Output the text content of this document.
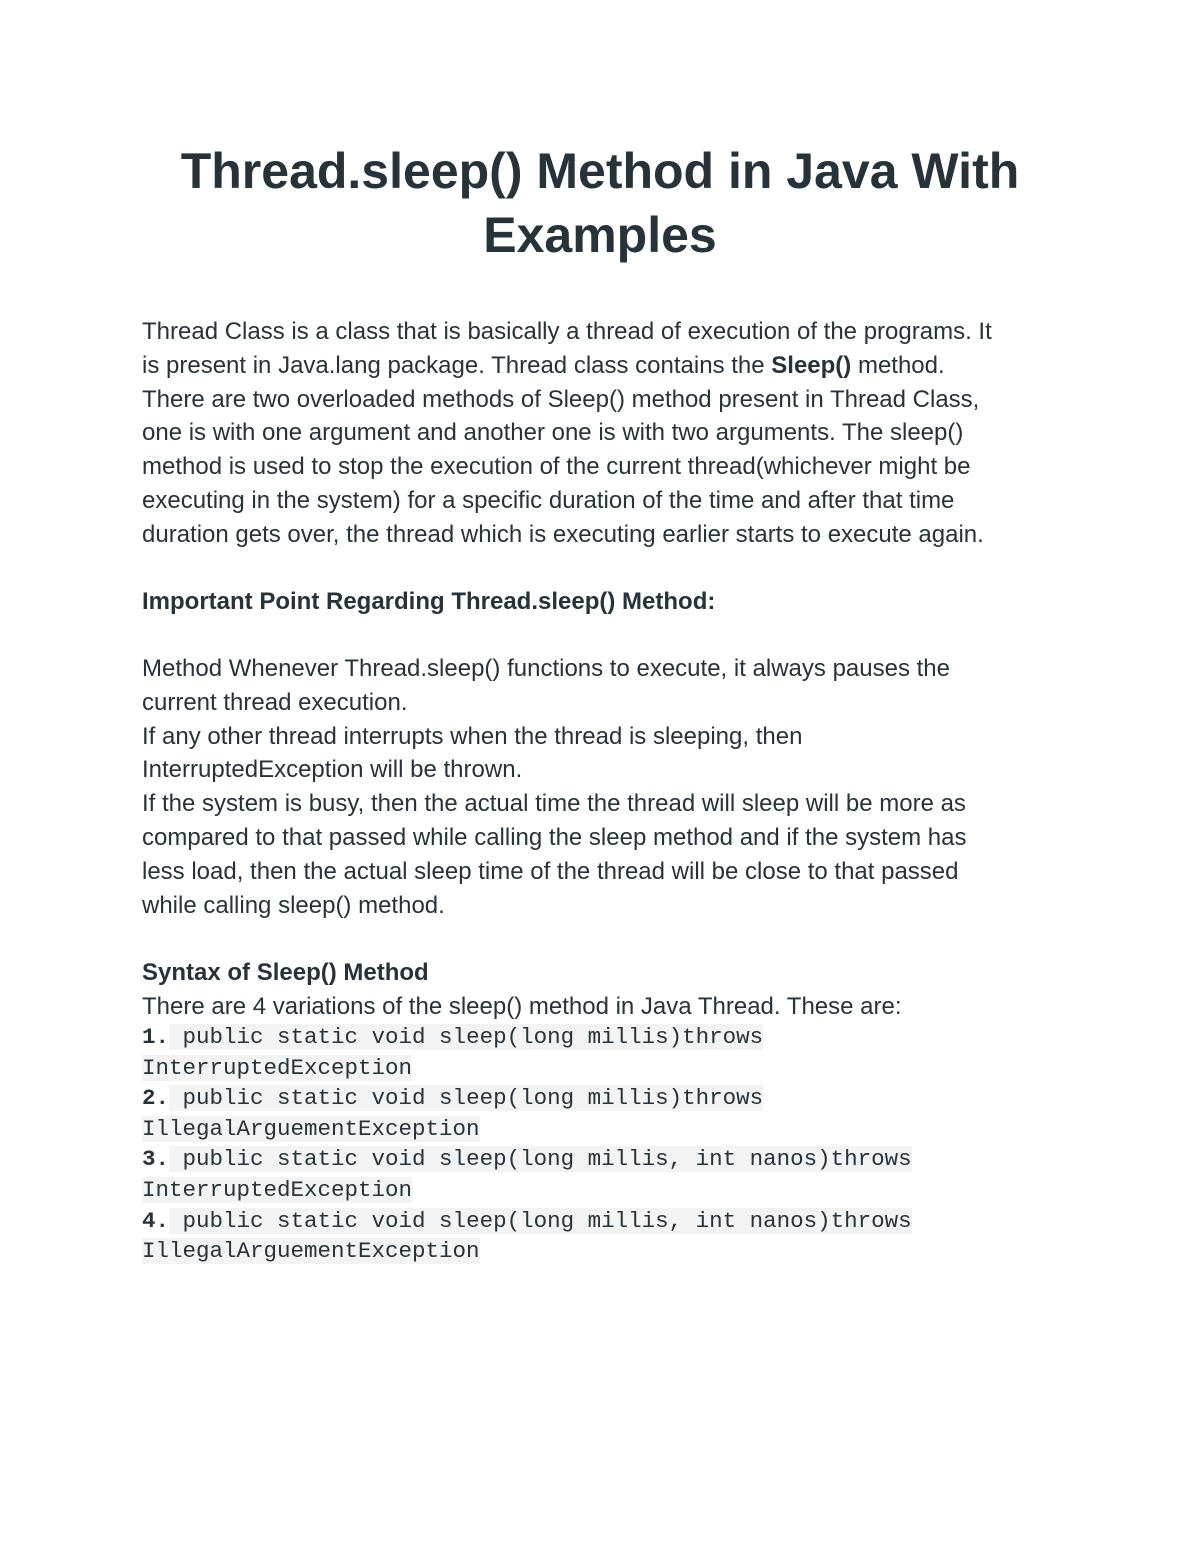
Thread.sleep() Method in Java With
Examples
Thread Class is a class that is basically a thread of execution of the programs. It
is present in Java.lang package. Thread class contains the Sleep() method.
There are two overloaded methods of Sleep() method present in Thread Class,
one is with one argument and another one is with two arguments. The sleep()
method is used to stop the execution of the current thread(whichever might be
executing in the system) for a specific duration of the time and after that time
duration gets over, the thread which is executing earlier starts to execute again.
Important Point Regarding Thread.sleep() Method:
Method Whenever Thread.sleep() functions to execute, it always pauses the
current thread execution.
If any other thread interrupts when the thread is sleeping, then
InterruptedException will be thrown.
If the system is busy, then the actual time the thread will sleep will be more as
compared to that passed while calling the sleep method and if the system has
less load, then the actual sleep time of the thread will be close to that passed
while calling sleep() method.
Syntax of Sleep() Method
There are 4 variations of the sleep() method in Java Thread. These are:
1. public static void sleep(long millis)throws
InterruptedException
2. public static void sleep(long millis)throws
IllegalArguementException
3. public static void sleep(long millis, int nanos)throws
InterruptedException
4. public static void sleep(long millis, int nanos)throws
IllegalArguementException
